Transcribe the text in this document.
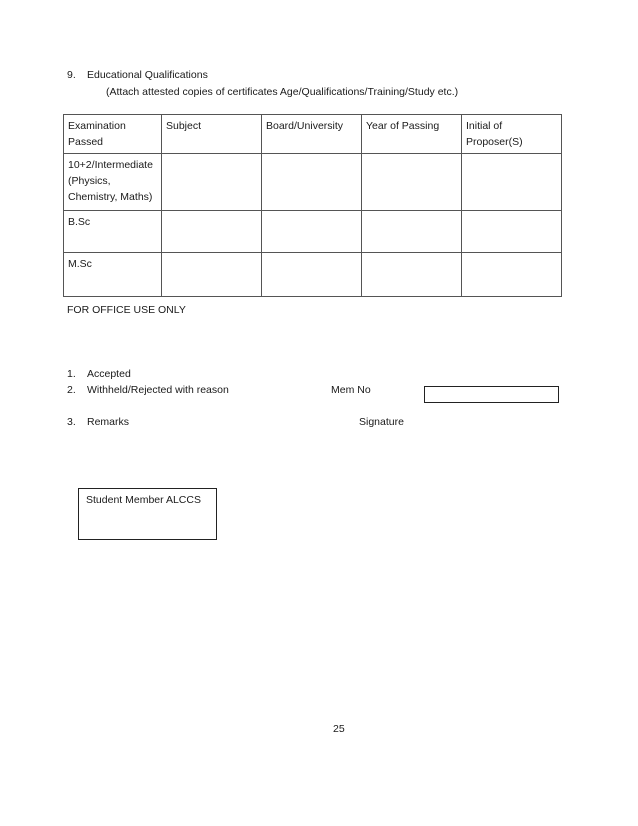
9. Educational Qualifications
(Attach attested copies of certificates Age/Qualifications/Training/Study etc.)
Examination Passed	Subject	Board/University	Year of Passing	Initial of Proposer(S)
10+2/Intermediate (Physics, Chemistry, Maths)				
B.Sc				
M.Sc				
FOR OFFICE USE ONLY
1. Accepted
2. Withheld/Rejected with reason	Mem No
3. Remarks	Signature
Student Member ALCCS
25
